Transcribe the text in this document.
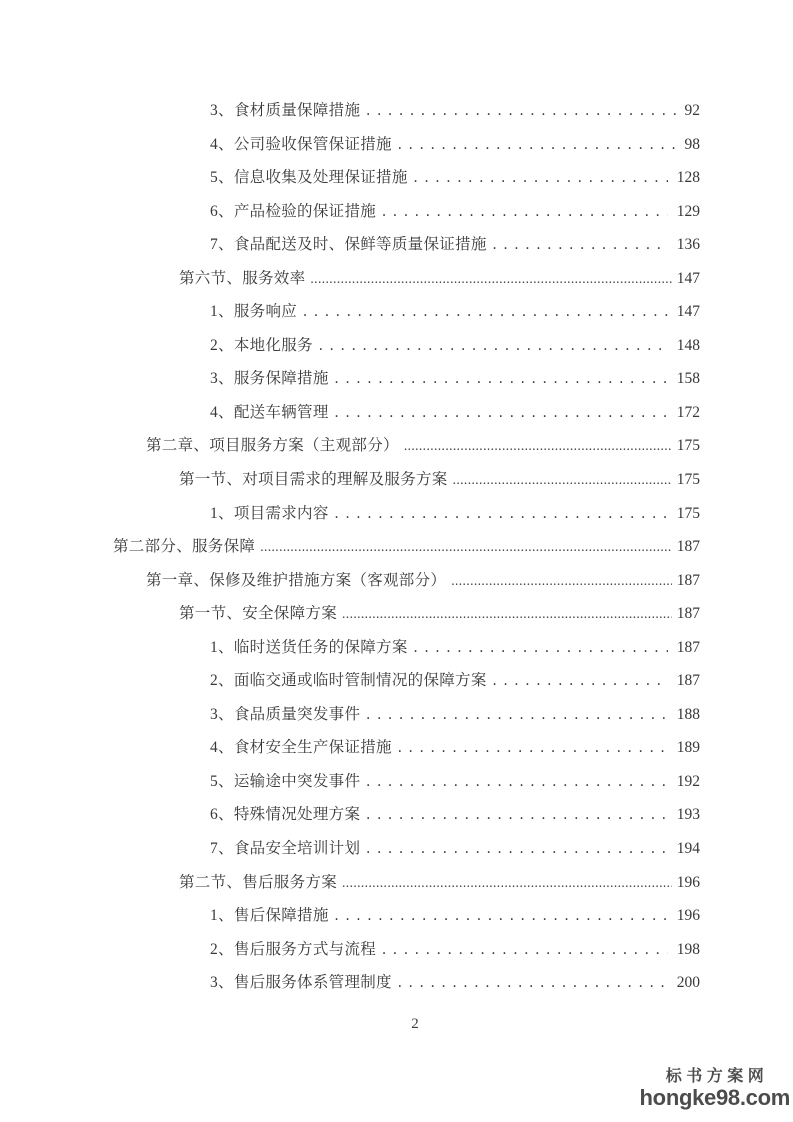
3、食材质量保障措施 . . .	92
4、公司验收保管保证措施 . . .	98
5、信息收集及处理保证措施 . . .	128
6、产品检验的保证措施 . . .	129
7、食品配送及时、保鲜等质量保证措施 . . .	136
第六节、服务效率 .....	147
1、服务响应 . . .	147
2、本地化服务 . . .	148
3、服务保障措施 . . .	158
4、配送车辆管理 . . .	172
第二章、项目服务方案（主观部分） .....	175
第一节、对项目需求的理解及服务方案 .....	175
1、项目需求内容 . . .	175
第二部分、服务保障 .....	187
第一章、保修及维护措施方案（客观部分） .....	187
第一节、安全保障方案 .....	187
1、临时送货任务的保障方案 . . .	187
2、面临交通或临时管制情况的保障方案 . . .	187
3、食品质量突发事件 . . .	188
4、食材安全生产保证措施 . . .	189
5、运输途中突发事件 . . .	192
6、特殊情况处理方案 . . .	193
7、食品安全培训计划 . . .	194
第二节、售后服务方案 .....	196
1、售后保障措施 . . .	196
2、售后服务方式与流程 . . .	198
3、售后服务体系管理制度 . . .	200
2
标书方案网
hongke98.com
